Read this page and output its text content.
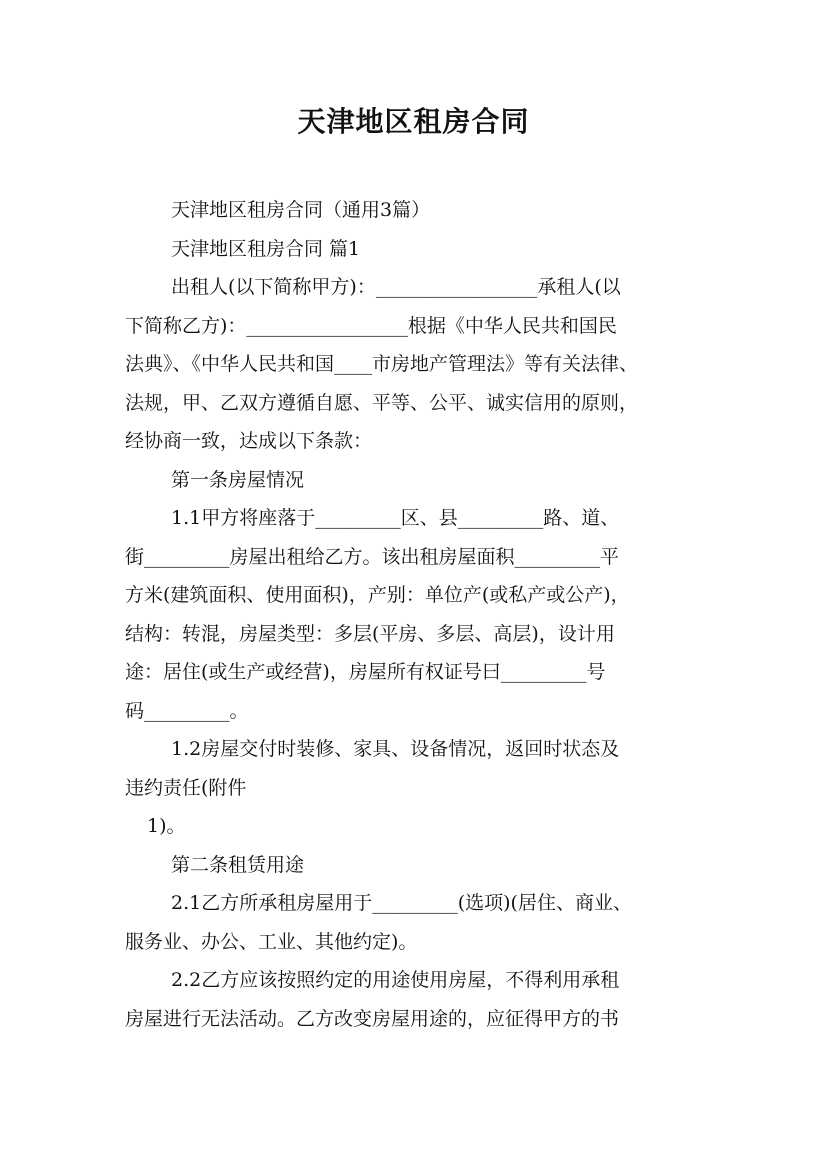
天津地区租房合同
天津地区租房合同（通用3篇）
天津地区租房合同 篇1
出租人(以下简称甲方)：_________________承租人(以
下简称乙方)：_________________根据《中华人民共和国民
法典》、《中华人民共和国____市房地产管理法》等有关法律、
法规，甲、乙双方遵循自愿、平等、公平、诚实信用的原则，
经协商一致，达成以下条款：
第一条房屋情况
1.1甲方将座落于_________区、县_________路、道、
街_________房屋出租给乙方。该出租房屋面积_________平
方米(建筑面积、使用面积)，产别：单位产(或私产或公产)，
结构：转混，房屋类型：多层(平房、多层、高层)，设计用
途：居住(或生产或经营)，房屋所有权证号曰_________号
码_________。
1.2房屋交付时装修、家具、设备情况，返回时状态及
违约责任(附件
1)。
第二条租赁用途
2.1乙方所承租房屋用于_________(选项)(居住、商业、
服务业、办公、工业、其他约定)。
2.2乙方应该按照约定的用途使用房屋，不得利用承租
房屋进行无法活动。乙方改变房屋用途的，应征得甲方的书
